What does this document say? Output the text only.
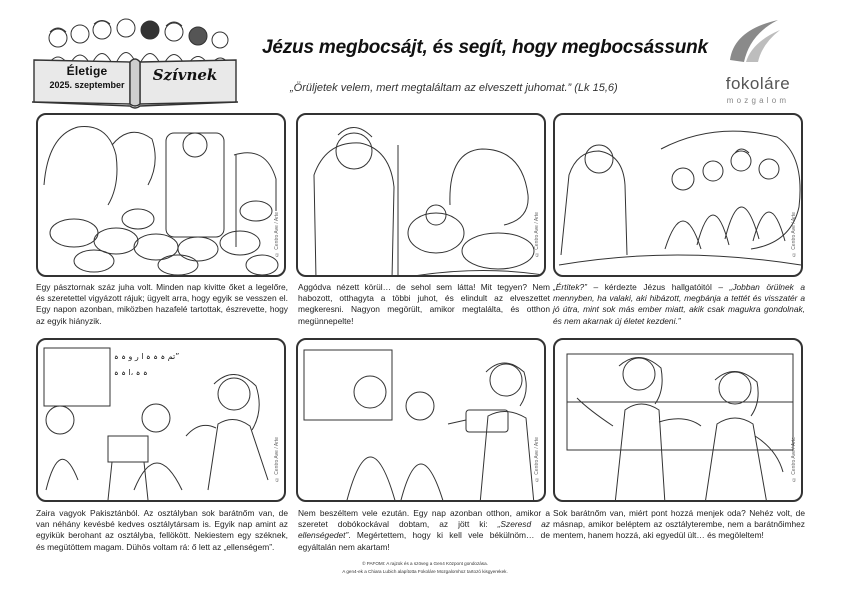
Életige
2025. szeptember
Szívnek
Jézus megbocsájt, és segít, hogy megbocsássunk
„Örüljetek velem, mert megtaláltam az elveszett juhomat.” (Lk 15,6)	fokoláre
mozgalom
© Centro Ave / Arte
Egy pásztornak száz juha volt. Minden nap kivitte őket a legelőre, és szeretettel vigyázott rájuk; ügyelt arra, hogy egyik se vesszen el. Egy napon azonban, miközben hazafelé tartottak, észrevette, hogy az egyik hiányzik.
© Centro Ave / Arte
Aggódva nézett körül… de sehol sem látta! Mit tegyen? Nem habozott, otthagyta a többi juhot, és elindult az elveszettet megkeresni. Nagyon megörült, amikor megtalálta, és otthon megünnepelte!
© Centro Ave / Arte
„Értitek?” – kérdezte Jézus hallgatóitól – „Jobban örülnek a mennyben, ha valaki, aki hibázott, megbánja a tettét és visszatér a jó útra, mint sok más ember miatt, akik csak magukra gondolnak, és nem akarnak új életet kezdeni.”
”تم ہ ہ ہ ا ر و ہ ہ
ہ ہ ،ا ہ ہ
© Centro Ave / Arte
Zaira vagyok Pakisztánból. Az osztályban sok barátnőm van, de van néhány kevésbé kedves osztálytársam is. Egyik nap amint az egyikük berohant az osztályba, fellökött. Nekiestem egy széknek, és megütöttem magam. Dühös voltam rá: ő lett az „ellenségem”.
© Centro Ave / Arte
Nem beszéltem vele ezután. Egy nap azonban otthon, amikor a szeretet dobókockával dobtam, az jött ki: „Szeresd az ellenségedet”. Megértettem, hogy ki kell vele békülnöm… de egyáltalán nem akartam!
© Centro Ave / Arte
Sok barátnőm van, miért pont hozzá menjek oda? Nehéz volt, de másnap, amikor beléptem az osztályterembe, nem a barátnőimhez mentem, hanem hozzá, aki egyedül ült… és megöleltem!
© PAFOMI: A rajzok és a szöveg a Gen4 Központ gondozása.
A gen4-ek a Chiara Lubich alapította Fokoláre Mozgalomhoz tartozó kisgyerekek.
